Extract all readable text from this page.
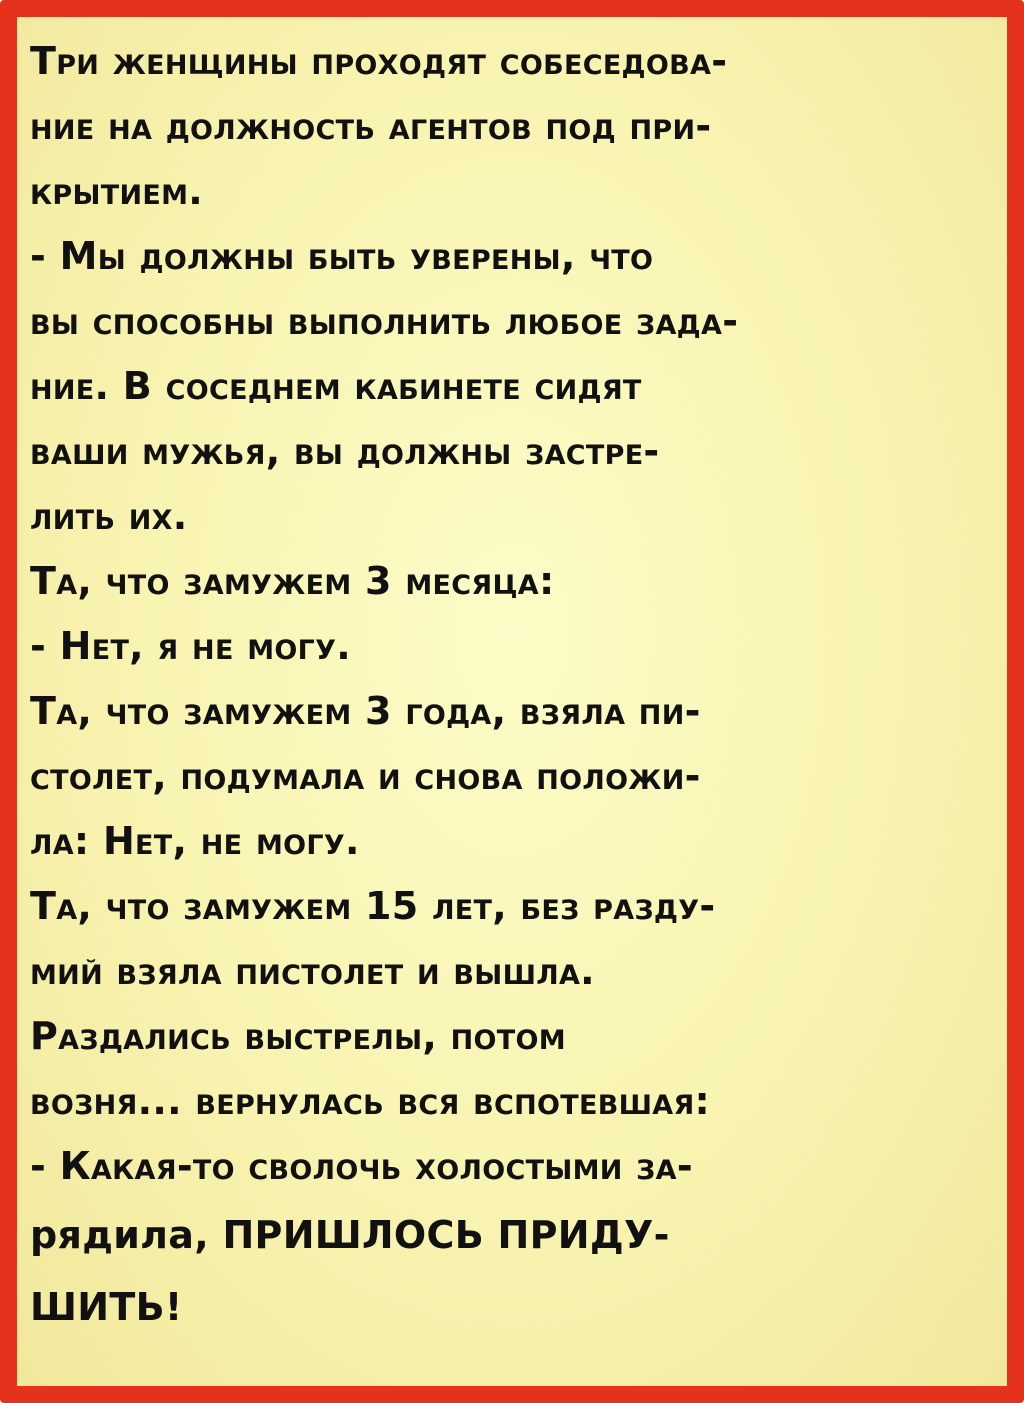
Три женщины проходят собеседова-
ние на должность агентов под при-
крытием.
- Мы должны быть уверены, что
вы способны выполнить любое зада-
ние. В соседнем кабинете сидят
ваши мужья, вы должны застре-
лить их.
Та, что замужем 3 месяца:
- Нет, я не могу.
Та, что замужем 3 года, взяла пи-
столет, подумала и снова положи-
ла: Нет, не могу.
Та, что замужем 15 лет, без разду-
мий взяла пистолет и вышла.
Раздались выстрелы, потом
возня... вернулась вся вспотевшая:
- Какая-то сволочь холостыми за-
рядила, ПРИШЛОСЬ ПРИДУ-
ШИТЬ!
